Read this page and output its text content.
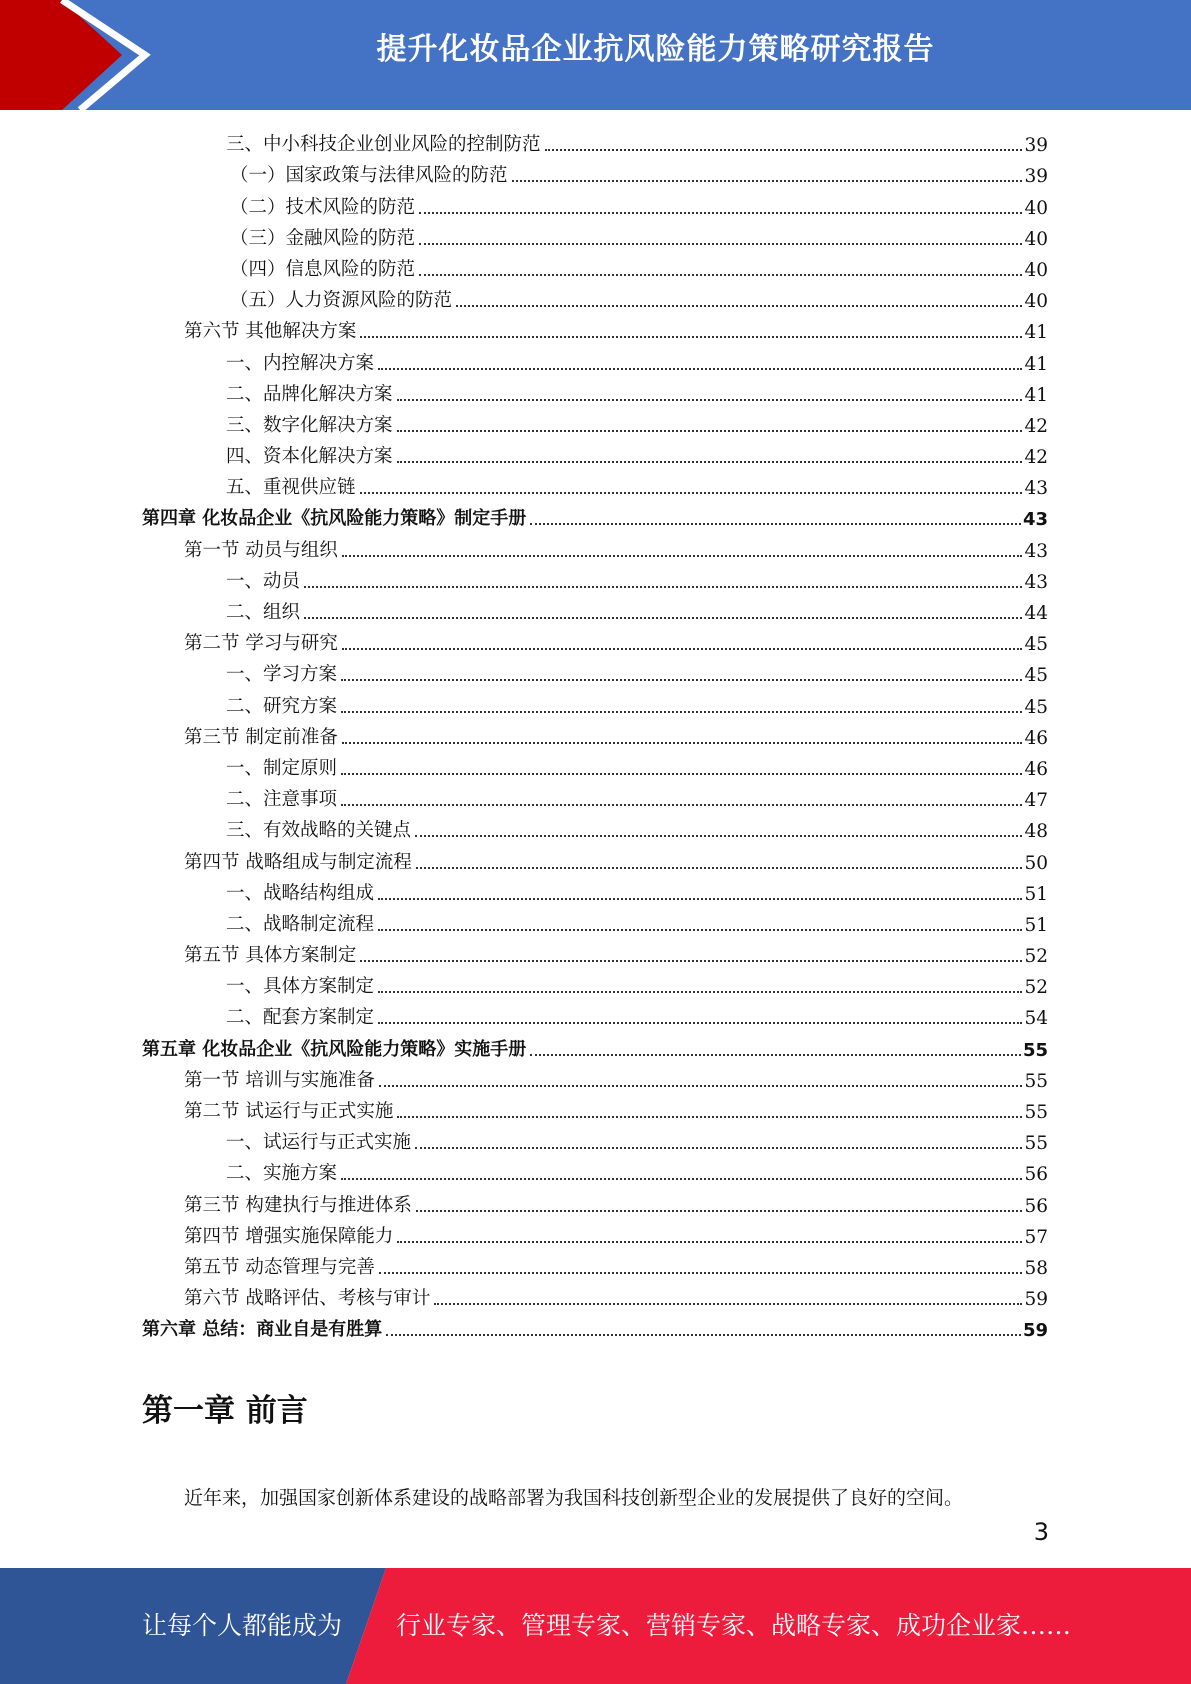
提升化妆品企业抗风险能力策略研究报告
三、中小科技企业创业风险的控制防范	39
（一）国家政策与法律风险的防范	39
（二）技术风险的防范	40
（三）金融风险的防范	40
（四）信息风险的防范	40
（五）人力资源风险的防范	40
第六节 其他解决方案	41
一、内控解决方案	41
二、品牌化解决方案	41
三、数字化解决方案	42
四、资本化解决方案	42
五、重视供应链	43
第四章 化妆品企业《抗风险能力策略》制定手册	43
第一节 动员与组织	43
一、动员	43
二、组织	44
第二节 学习与研究	45
一、学习方案	45
二、研究方案	45
第三节 制定前准备	46
一、制定原则	46
二、注意事项	47
三、有效战略的关键点	48
第四节 战略组成与制定流程	50
一、战略结构组成	51
二、战略制定流程	51
第五节 具体方案制定	52
一、具体方案制定	52
二、配套方案制定	54
第五章 化妆品企业《抗风险能力策略》实施手册	55
第一节 培训与实施准备	55
第二节 试运行与正式实施	55
一、试运行与正式实施	55
二、实施方案	56
第三节 构建执行与推进体系	56
第四节 增强实施保障能力	57
第五节 动态管理与完善	58
第六节 战略评估、考核与审计	59
第六章 总结：商业自是有胜算	59
第一章 前言

近年来，加强国家创新体系建设的战略部署为我国科技创新型企业的发展提供了良好的空间。

3
让每个人都能成为 行业专家、管理专家、营销专家、战略专家、成功企业家……
